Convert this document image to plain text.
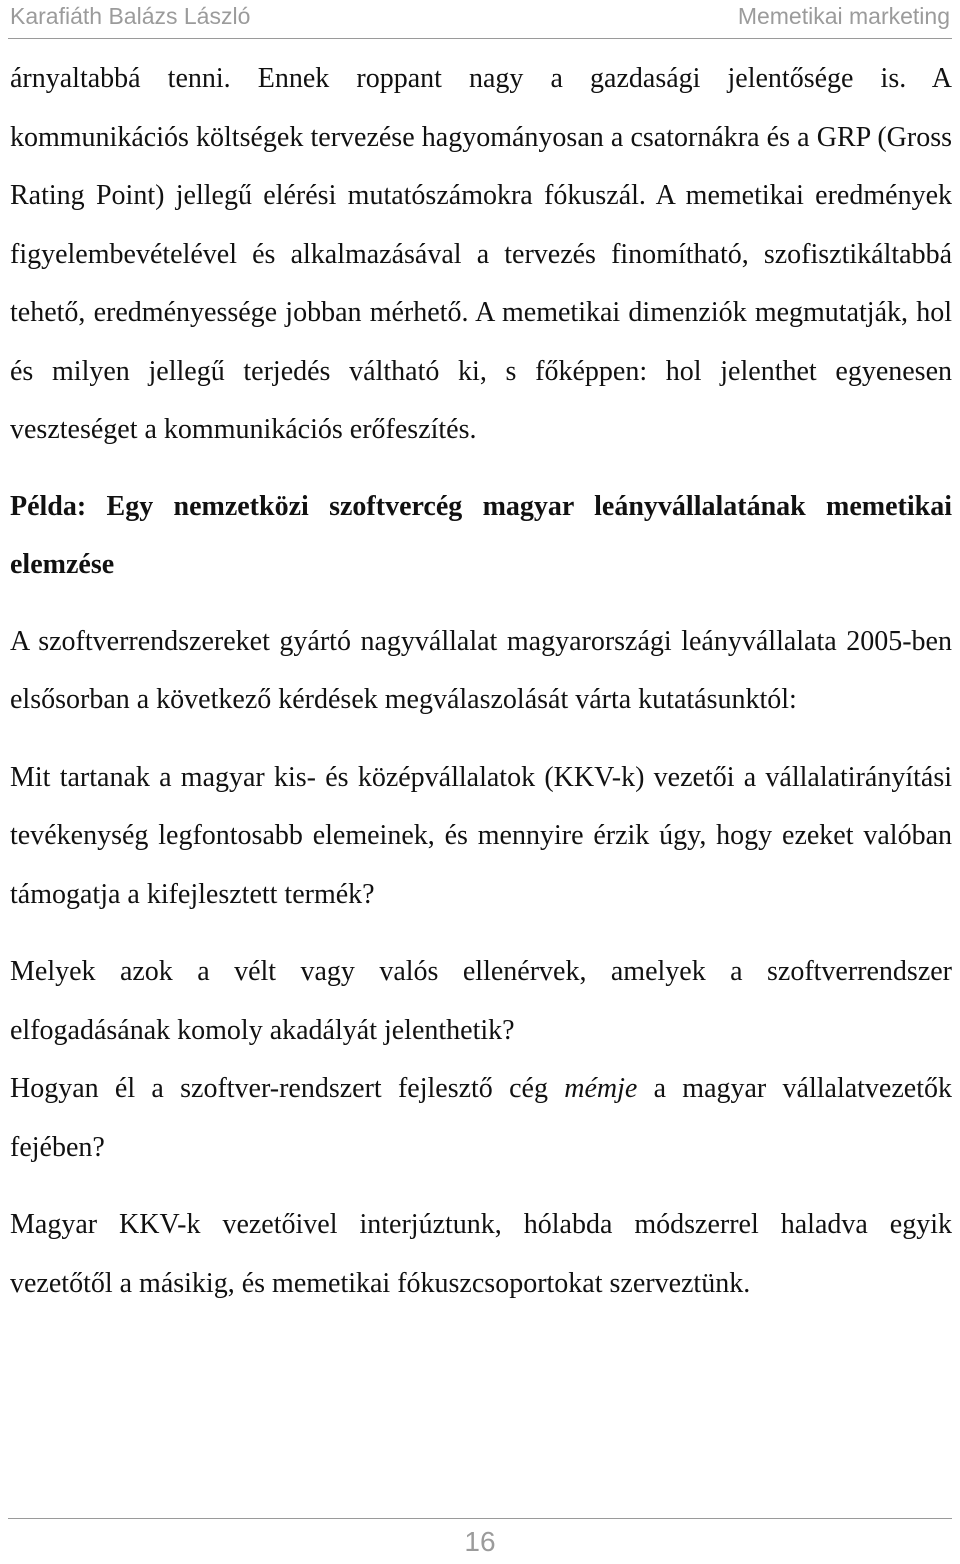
Karafiáth Balázs László	Memetikai marketing

árnyaltabbá tenni. Ennek roppant nagy a gazdasági jelentősége is. A kommunikációs költségek tervezése hagyományosan a csatornákra és a GRP (Gross Rating Point) jellegű elérési mutatószámokra fókuszál. A memetikai eredmények figyelembevételével és alkalmazásával a tervezés finomítható, szofisztikáltabbá tehető, eredményessége jobban mérhető. A memetikai dimenziók megmutatják, hol és milyen jellegű terjedés váltható ki, s főképpen: hol jelenthet egyenesen veszteséget a kommunikációs erőfeszítés.

Példa: Egy nemzetközi szoftvercég magyar leányvállalatának memetikai elemzése

A szoftverrendszereket gyártó nagyvállalat magyarországi leányvállalata 2005-ben elsősorban a következő kérdések megválaszolását várta kutatásunktól:

Mit tartanak a magyar kis- és középvállalatok (KKV-k) vezetői a vállalatirányítási tevékenység legfontosabb elemeinek, és mennyire érzik úgy, hogy ezeket valóban támogatja a kifejlesztett termék?

Melyek azok a vélt vagy valós ellenérvek, amelyek a szoftverrendszer elfogadásának komoly akadályát jelenthetik?

Hogyan él a szoftver-rendszert fejlesztő cég mémje a magyar vállalatvezetők fejében?

Magyar KKV-k vezetőivel interjúztunk, hólabda módszerrel haladva egyik vezetőtől a másikig, és memetikai fókuszcsoportokat szerveztünk.

16
